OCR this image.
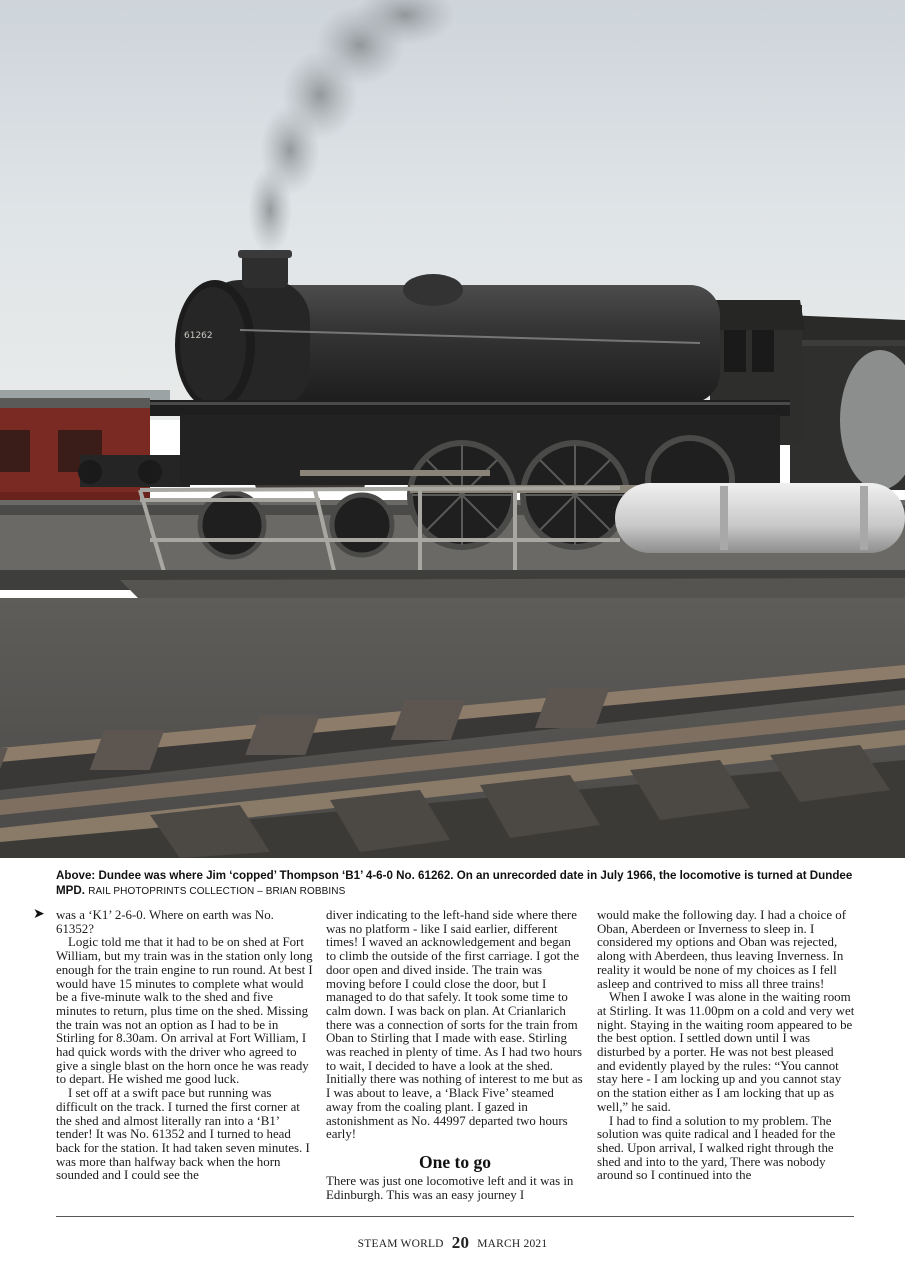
61262
Above: Dundee was where Jim ‘copped’ Thompson ‘B1’ 4-6-0 No. 61262. On an unrecorded date in July 1966, the locomotive is turned at Dundee MPD. RAIL PHOTOPRINTS COLLECTION – BRIAN ROBBINS
➤ was a ‘K1’ 2-6-0. Where on earth was No. 61352?

Logic told me that it had to be on shed at Fort William, but my train was in the station only long enough for the train engine to run round. At best I would have 15 minutes to complete what would be a five-minute walk to the shed and five minutes to return, plus time on the shed. Missing the train was not an option as I had to be in Stirling for 8.30am. On arrival at Fort William, I had quick words with the driver who agreed to give a single blast on the horn once he was ready to depart. He wished me good luck.

I set off at a swift pace but running was difficult on the track. I turned the first corner at the shed and almost literally ran into a ‘B1’ tender! It was No. 61352 and I turned to head back for the station. It had taken seven minutes. I was more than halfway back when the horn sounded and I could see the

diver indicating to the left-hand side where there was no platform - like I said earlier, different times! I waved an acknowledgement and began to climb the outside of the first carriage. I got the door open and dived inside. The train was moving before I could close the door, but I managed to do that safely. It took some time to calm down. I was back on plan. At Crianlarich there was a connection of sorts for the train from Oban to Stirling that I made with ease. Stirling was reached in plenty of time. As I had two hours to wait, I decided to have a look at the shed. Initially there was nothing of interest to me but as I was about to leave, a ‘Black Five’ steamed away from the coaling plant. I gazed in astonishment as No. 44997 departed two hours early!

One to go

There was just one locomotive left and it was in Edinburgh. This was an easy journey I

would make the following day. I had a choice of Oban, Aberdeen or Inverness to sleep in. I considered my options and Oban was rejected, along with Aberdeen, thus leaving Inverness. In reality it would be none of my choices as I fell asleep and contrived to miss all three trains!

When I awoke I was alone in the waiting room at Stirling. It was 11.00pm on a cold and very wet night. Staying in the waiting room appeared to be the best option. I settled down until I was disturbed by a porter. He was not best pleased and evidently played by the rules: “You cannot stay here - I am locking up and you cannot stay on the station either as I am locking that up as well,” he said.

I had to find a solution to my problem. The solution was quite radical and I headed for the shed. Upon arrival, I walked right through the shed and into to the yard, There was nobody around so I continued into the

STEAM WORLD 20 MARCH 2021
